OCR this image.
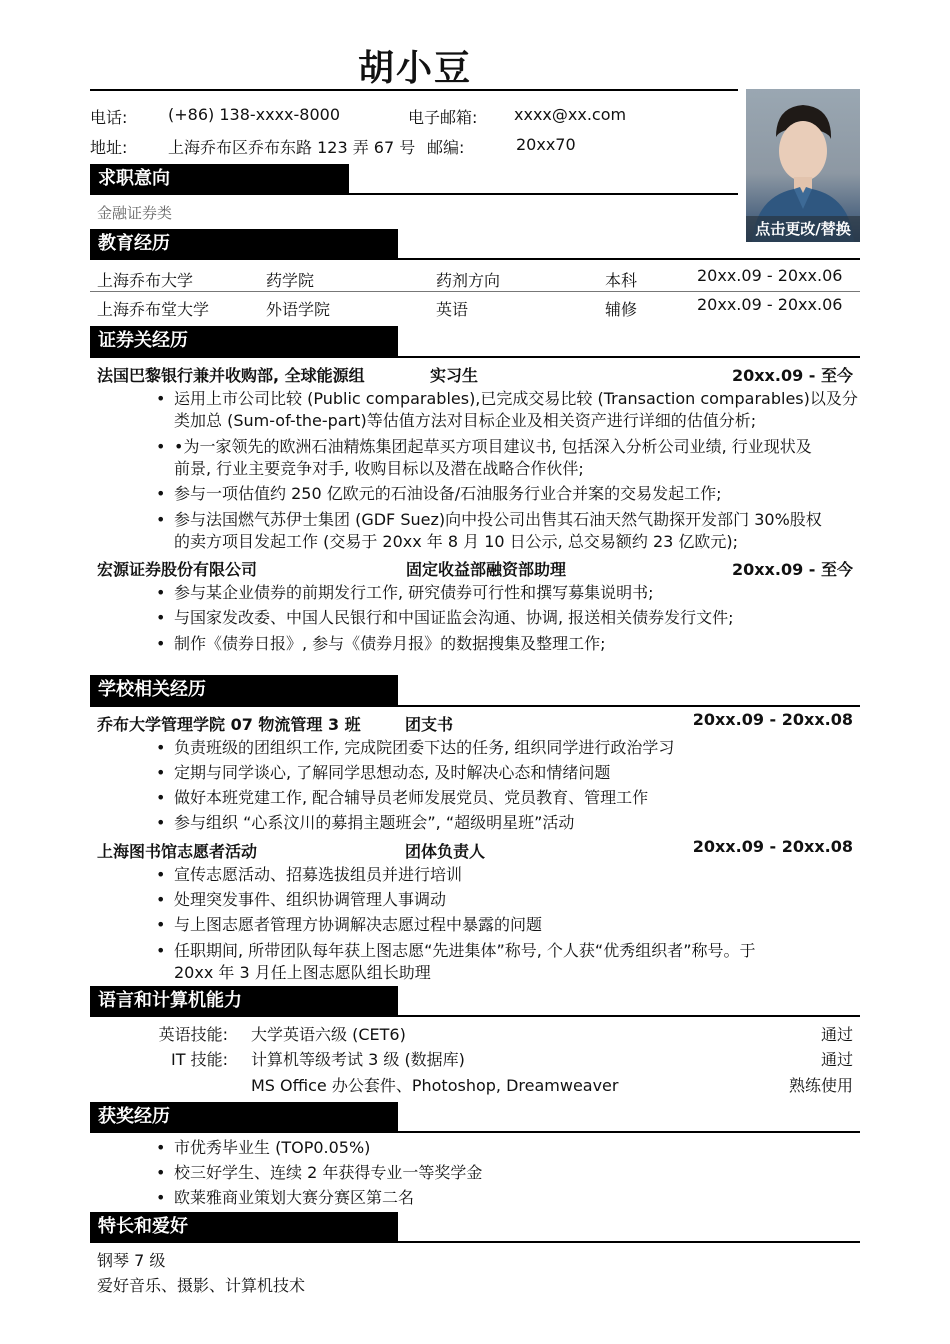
胡小豆
电话:	(+86) 138-xxxx-8000	电子邮箱: xxxx@xx.com
地址:	上海乔布区乔布东路 123 弄 67 号 邮编:	20xx70
点击更改/替换
求职意向
金融证券类
教育经历
上海乔布大学	药学院	药剂方向	本科	20xx.09 - 20xx.06
上海乔布堂大学	外语学院	英语	辅修	20xx.09 - 20xx.06
证券关经历
法国巴黎银行兼并收购部, 全球能源组	实习生	20xx.09 - 至今
• 运用上市公司比较 (Public comparables),已完成交易比较 (Transaction comparables)以及分
类加总 (Sum-of-the-part)等估值方法对目标企业及相关资产进行详细的估值分析;
• •为一家领先的欧洲石油精炼集团起草买方项目建议书, 包括深入分析公司业绩, 行业现状及
前景, 行业主要竞争对手, 收购目标以及潜在战略合作伙伴;
• 参与一项估值约 250 亿欧元的石油设备/石油服务行业合并案的交易发起工作;
• 参与法国燃气苏伊士集团 (GDF Suez)向中投公司出售其石油天然气勘探开发部门 30%股权
的卖方项目发起工作 (交易于 20xx 年 8 月 10 日公示, 总交易额约 23 亿欧元);
宏源证券股份有限公司	固定收益部融资部助理	20xx.09 - 至今
• 参与某企业债券的前期发行工作, 研究债券可行性和撰写募集说明书;
• 与国家发改委、中国人民银行和中国证监会沟通、协调, 报送相关债券发行文件;
• 制作《债券日报》, 参与《债券月报》的数据搜集及整理工作;
学校相关经历
乔布大学管理学院 07 物流管理 3 班	团支书	20xx.09 - 20xx.08
• 负责班级的团组织工作, 完成院团委下达的任务, 组织同学进行政治学习
• 定期与同学谈心, 了解同学思想动态, 及时解决心态和情绪问题
• 做好本班党建工作, 配合辅导员老师发展党员、党员教育、管理工作
• 参与组织 “心系汶川的募捐主题班会”, “超级明星班”活动
上海图书馆志愿者活动	团体负责人	20xx.09 - 20xx.08
• 宣传志愿活动、招募选拔组员并进行培训
• 处理突发事件、组织协调管理人事调动
• 与上图志愿者管理方协调解决志愿过程中暴露的问题
• 任职期间, 所带团队每年获上图志愿“先进集体”称号, 个人获“优秀组织者”称号。于
20xx 年 3 月任上图志愿队组长助理
语言和计算机能力
英语技能: 大学英语六级 (CET6)	通过
IT 技能: 计算机等级考试 3 级 (数据库)	通过
MS Office 办公套件、Photoshop, Dreamweaver	熟练使用
获奖经历
• 市优秀毕业生 (TOP0.05%)
• 校三好学生、连续 2 年获得专业一等奖学金
• 欧莱雅商业策划大赛分赛区第二名
特长和爱好
钢琴 7 级
爱好音乐、摄影、计算机技术
